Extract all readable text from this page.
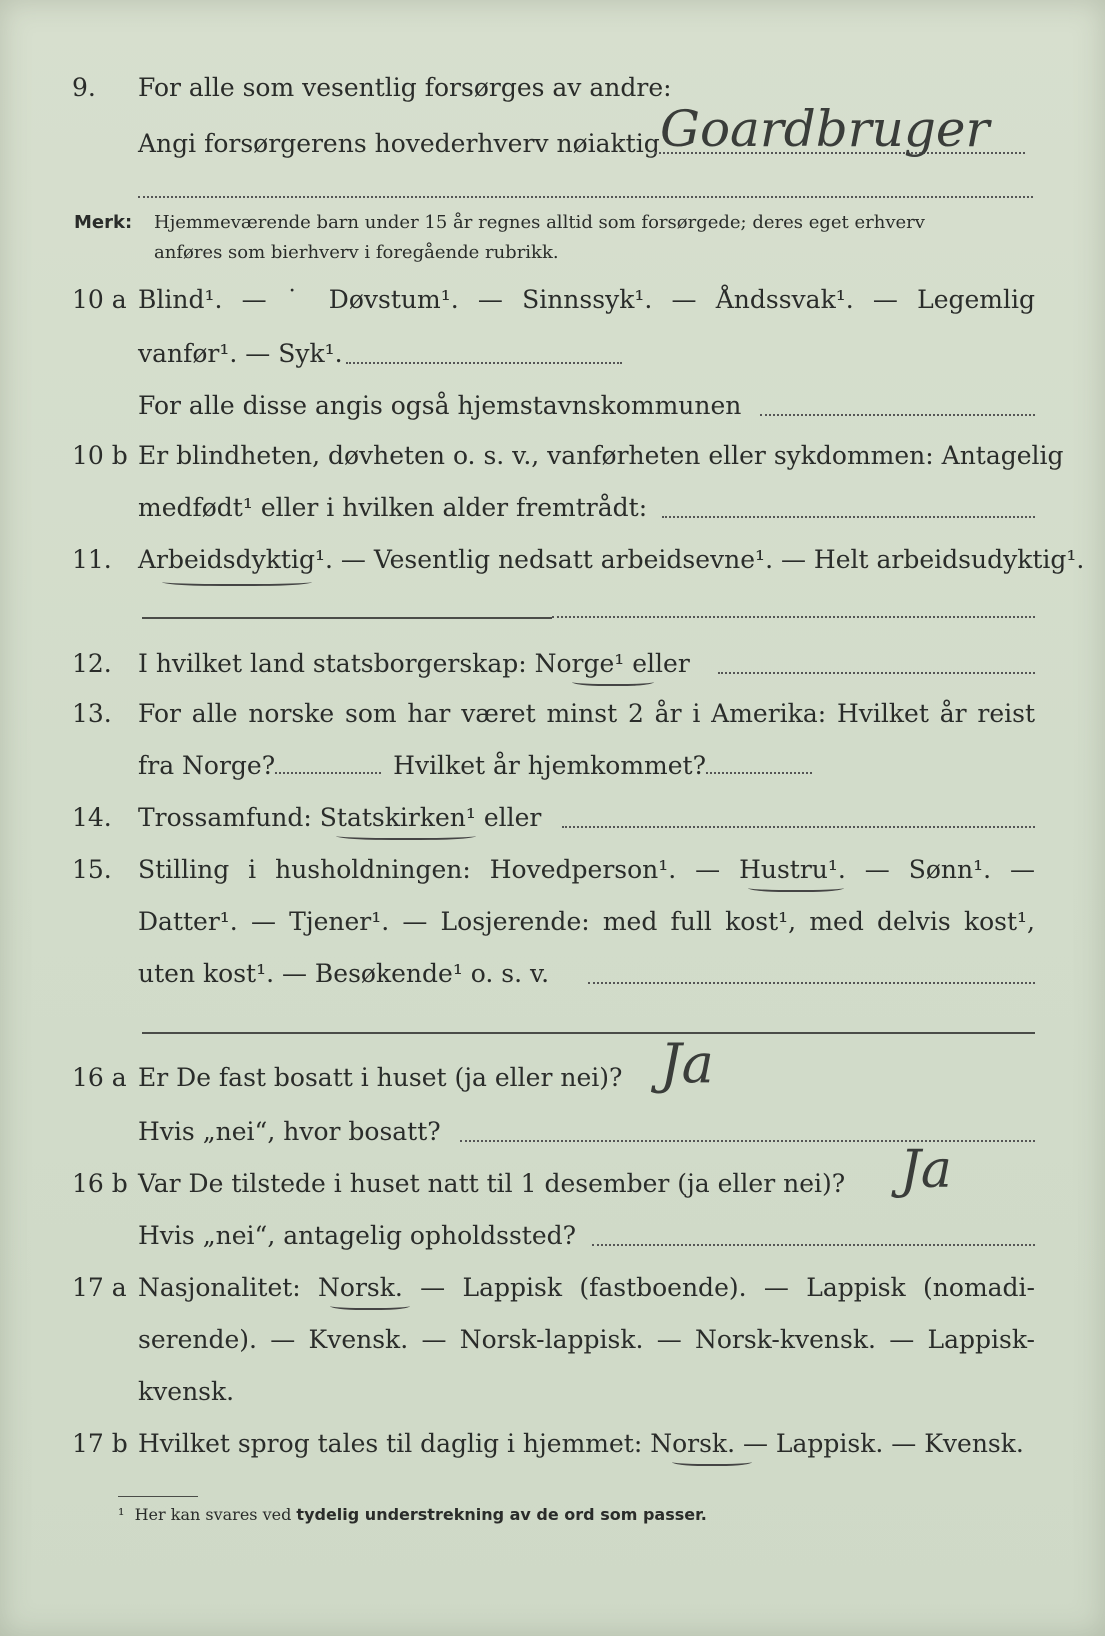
9.	For alle som vesentlig forsørges av andre:
Angi forsørgerens hovederhverv nøiaktig Goardbruger
Merk: Hjemmeværende barn under 15 år regnes alltid som forsørgede; deres eget erhverv
anføres som bierhverv i foregående rubrikk.
10 a Blind¹. — ˙ Døvstum¹. — Sinnssyk¹. — Åndssvak¹. — Legemlig
vanfør¹. — Syk¹.
For alle disse angis også hjemstavnskommunen
10 b Er blindheten, døvheten o. s. v., vanførheten eller sykdommen: Antagelig
medfødt¹ eller i hvilken alder fremtrådt:
11.	Arbeidsdyktig¹. — Vesentlig nedsatt arbeidsevne¹. — Helt arbeidsudyktig¹.
12.	I hvilket land statsborgerskap: Norge¹ eller
13.	For alle norske som har været minst 2 år i Amerika: Hvilket år reist
fra Norge?	Hvilket år hjemkommet?
14.	Trossamfund: Statskirken¹ eller
15.	Stilling i husholdningen: Hovedperson¹. — Hustru¹. — Sønn¹. —
Datter¹. — Tjener¹. — Losjerende: med full kost¹, med delvis kost¹,
uten kost¹. — Besøkende¹ o. s. v.
16 a Er De fast bosatt i huset (ja eller nei)? Ja
Hvis „nei“, hvor bosatt?
16 b Var De tilstede i huset natt til 1 desember (ja eller nei)?	Ja
Hvis „nei“, antagelig opholdssted?
17 a Nasjonalitet: Norsk. — Lappisk (fastboende). — Lappisk (nomadi-
serende). — Kvensk. — Norsk-lappisk. — Norsk-kvensk. — Lappisk-
kvensk.
17 b Hvilket sprog tales til daglig i hjemmet: Norsk. — Lappisk. — Kvensk.
¹ Her kan svares ved tydelig understrekning av de ord som passer.
